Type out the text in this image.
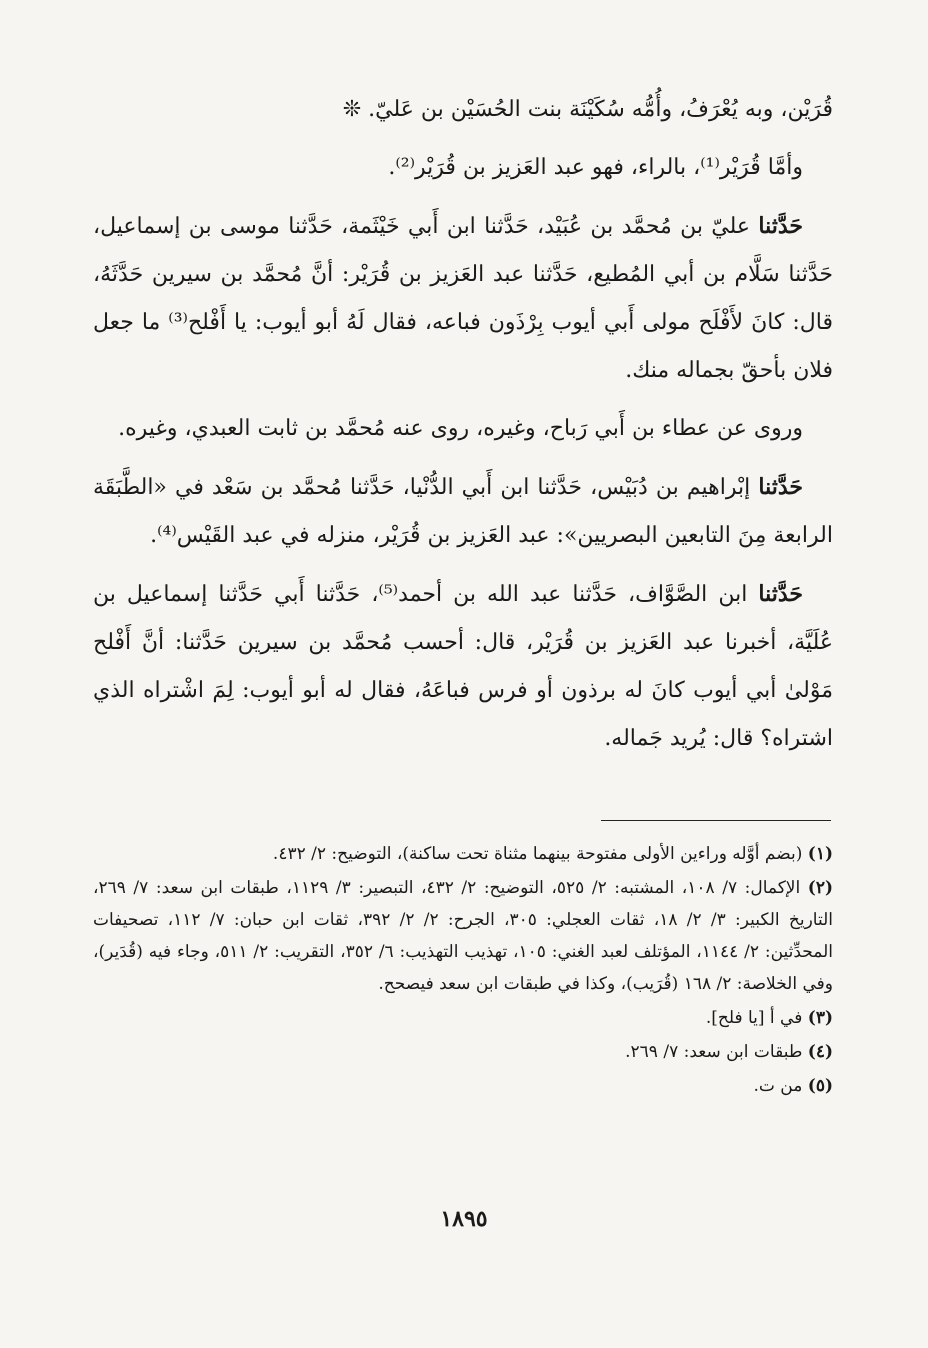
قُرَيْن، وبه يُعْرَفُ، وأُمُّه سُكَيْنَة بنت الحُسَيْن بن عَليّ. ❊

وأمَّا قُرَيْر⁽¹⁾، بالراء، فهو عبد العَزيز بن قُرَيْر⁽²⁾.

حَدَّثنا عليّ بن مُحمَّد بن عُبَيْد، حَدَّثنا ابن أَبي خَيْثَمة، حَدَّثنا موسى بن إسماعيل، حَدَّثنا سَلَّام بن أبي المُطيع، حَدَّثنا عبد العَزيز بن قُرَيْر: أنَّ مُحمَّد بن سيرين حَدَّثَهُ، قال: كانَ لأَفْلَح مولى أَبي أيوب بِرْذَون فباعه، فقال لَهُ أبو أيوب: يا أَفْلح⁽³⁾ ما جعل فلان بأحقّ بجماله منك.

وروى عن عطاء بن أَبي رَباح، وغيره، روى عنه مُحمَّد بن ثابت العبدي، وغيره.

حَدَّثنا إبْراهيم بن دُبَيْس، حَدَّثنا ابن أَبي الدُّنْيا، حَدَّثنا مُحمَّد بن سَعْد في «الطَّبَقَة الرابعة مِنَ التابعين البصريين»: عبد العَزيز بن قُرَيْر، منزله في عبد القَيْس⁽⁴⁾.

حَدَّثنا ابن الصَّوَّاف، حَدَّثنا عبد الله بن أحمد⁽⁵⁾، حَدَّثنا أَبي حَدَّثنا إسماعيل بن عُلَيَّة، أخبرنا عبد العَزيز بن قُرَيْر، قال: أحسب مُحمَّد بن سيرين حَدَّثنا: أنَّ أَفْلح مَوْلىٰ أبي أيوب كانَ له برذون أو فرس فباعَهُ، فقال له أبو أيوب: لِمَ اشْتراه الذي اشتراه؟ قال: يُريد جَماله.

(١) (بضم أوَّله وراءين الأولى مفتوحة بينهما مثناة تحت ساكنة)، التوضيح: ٢/ ٤٣٢.

(٢) الإكمال: ٧/ ١٠٨، المشتبه: ٢/ ٥٢٥، التوضيح: ٢/ ٤٣٢، التبصير: ٣/ ١١٢٩، طبقات ابن سعد: ٧/ ٢٦٩، التاريخ الكبير: ٣/ ٢/ ١٨، ثقات العجلي: ٣٠٥، الجرح: ٢/ ٢/ ٣٩٢، ثقات ابن حبان: ٧/ ١١٢، تصحيفات المحدِّثين: ٢/ ١١٤٤، المؤتلف لعبد الغني: ١٠٥، تهذيب التهذيب: ٦/ ٣٥٢، التقريب: ٢/ ٥١١، وجاء فيه (قُدَير)، وفي الخلاصة: ٢/ ١٦٨ (قُرَيب)، وكذا في طبقات ابن سعد فيصحح.

(٣) في أ [يا فلح].

(٤) طبقات ابن سعد: ٧/ ٢٦٩.

(٥) من ت.

١٨٩٥
